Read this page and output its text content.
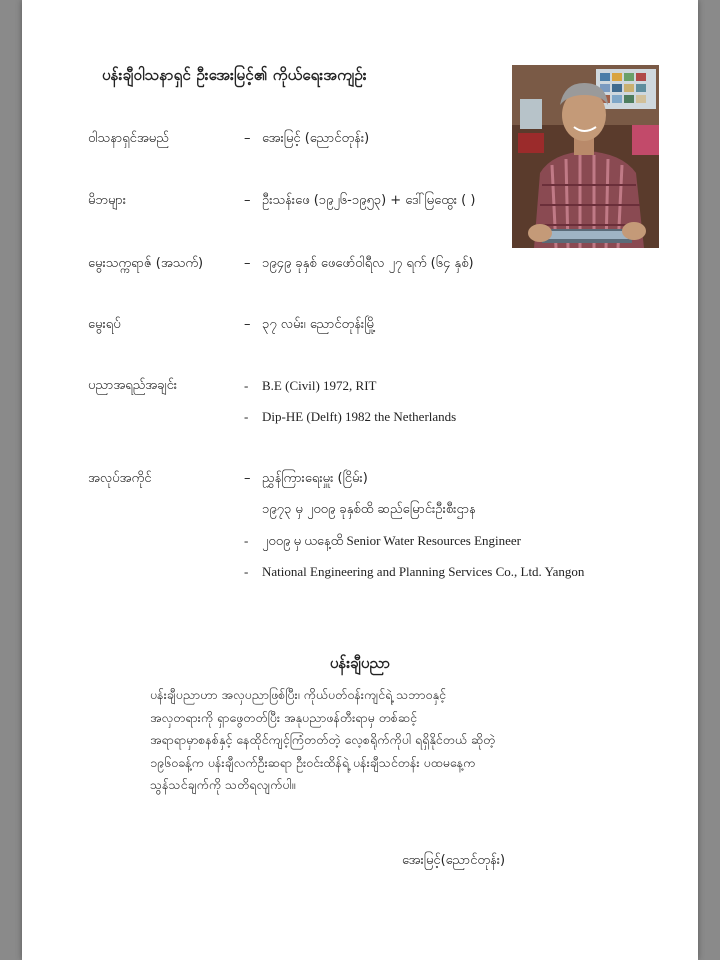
ပန်းချီဝါသနာရှင် ဦးအေးမြင့်၏ ကိုယ်ရေးအကျဉ်း
ဝါသနာရှင်အမည်	– အေးမြင့် (ညောင်တုန်း)
မိဘများ	– ဦးသန်းဖေ (၁၉၂၆-၁၉၅၃) + ဒေါ်မြထွေး ( )
မွေးသက္ကရာဇ် (အသက်)	– ၁၉၄၉ ခုနှစ် ဖေဖော်ဝါရီလ ၂၇ ရက် (၆၄ နှစ်)
မွေးရပ်	– ၃၇ လမ်း၊ ညောင်တုန်းမြို့
ပညာအရည်အချင်း	- B.E (Civil) 1972, RIT
- Dip-HE (Delft) 1982 the Netherlands
အလုပ်အကိုင်	– ညွှန်ကြားရေးမှူး (ငြိမ်း)
၁၉၇၃ မှ ၂၀၀၉ ခုနှစ်ထိ ဆည်မြောင်းဦးစီးဌာန
- ၂၀၀၉ မှ ယနေ့ထိ Senior Water Resources Engineer
- National Engineering and Planning Services Co., Ltd. Yangon
ပန်းချီပညာ
ပန်းချီပညာဟာ အလှပညာဖြစ်ပြီး၊ ကိုယ်ပတ်ဝန်းကျင်ရဲ့ သဘာဝနှင့်
အလှတရားကို ရှာဖွေတတ်ပြီး အနုပညာဖန်တီးရာမှ တစ်ဆင့်
အရာရာမှာစနစ်နှင့် နေထိုင်ကျင့်ကြံတတ်တဲ့ လေ့စရိုက်ကိုပါ ရရှိနိုင်တယ် ဆိုတဲ့
၁၉၆၀ခန့်က ပန်းချီလက်ဦးဆရာ ဦးဝင်းထိန်ရဲ့ ပန်းချီသင်တန်း ပထမနေ့က
သွန်သင်ချက်ကို သတိရလျက်ပါ။
အေးမြင့်(ညောင်တုန်း)
